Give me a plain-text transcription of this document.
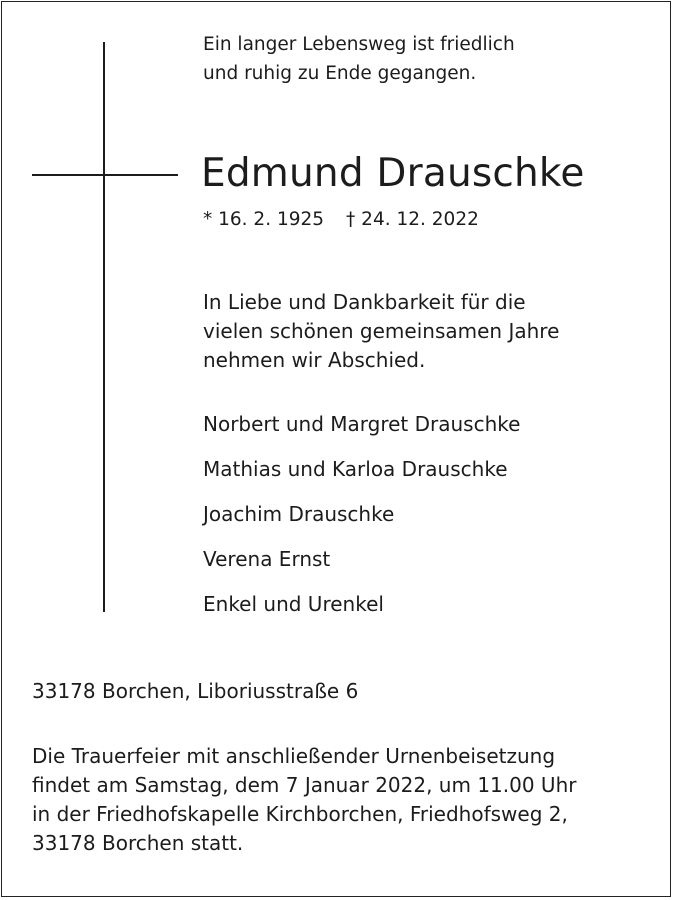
Ein langer Lebensweg ist friedlich
und ruhig zu Ende gegangen.
Edmund Drauschke
* 16. 2. 1925 † 24. 12. 2022
In Liebe und Dankbarkeit für die
vielen schönen gemeinsamen Jahre
nehmen wir Abschied.
Norbert und Margret Drauschke
Mathias und Karloa Drauschke
Joachim Drauschke
Verena Ernst
Enkel und Urenkel
33178 Borchen, Liboriusstraße 6
Die Trauerfeier mit anschließender Urnenbeisetzung
findet am Samstag, dem 7 Januar 2022, um 11.00 Uhr
in der Friedhofskapelle Kirchborchen, Friedhofsweg 2,
33178 Borchen statt.
